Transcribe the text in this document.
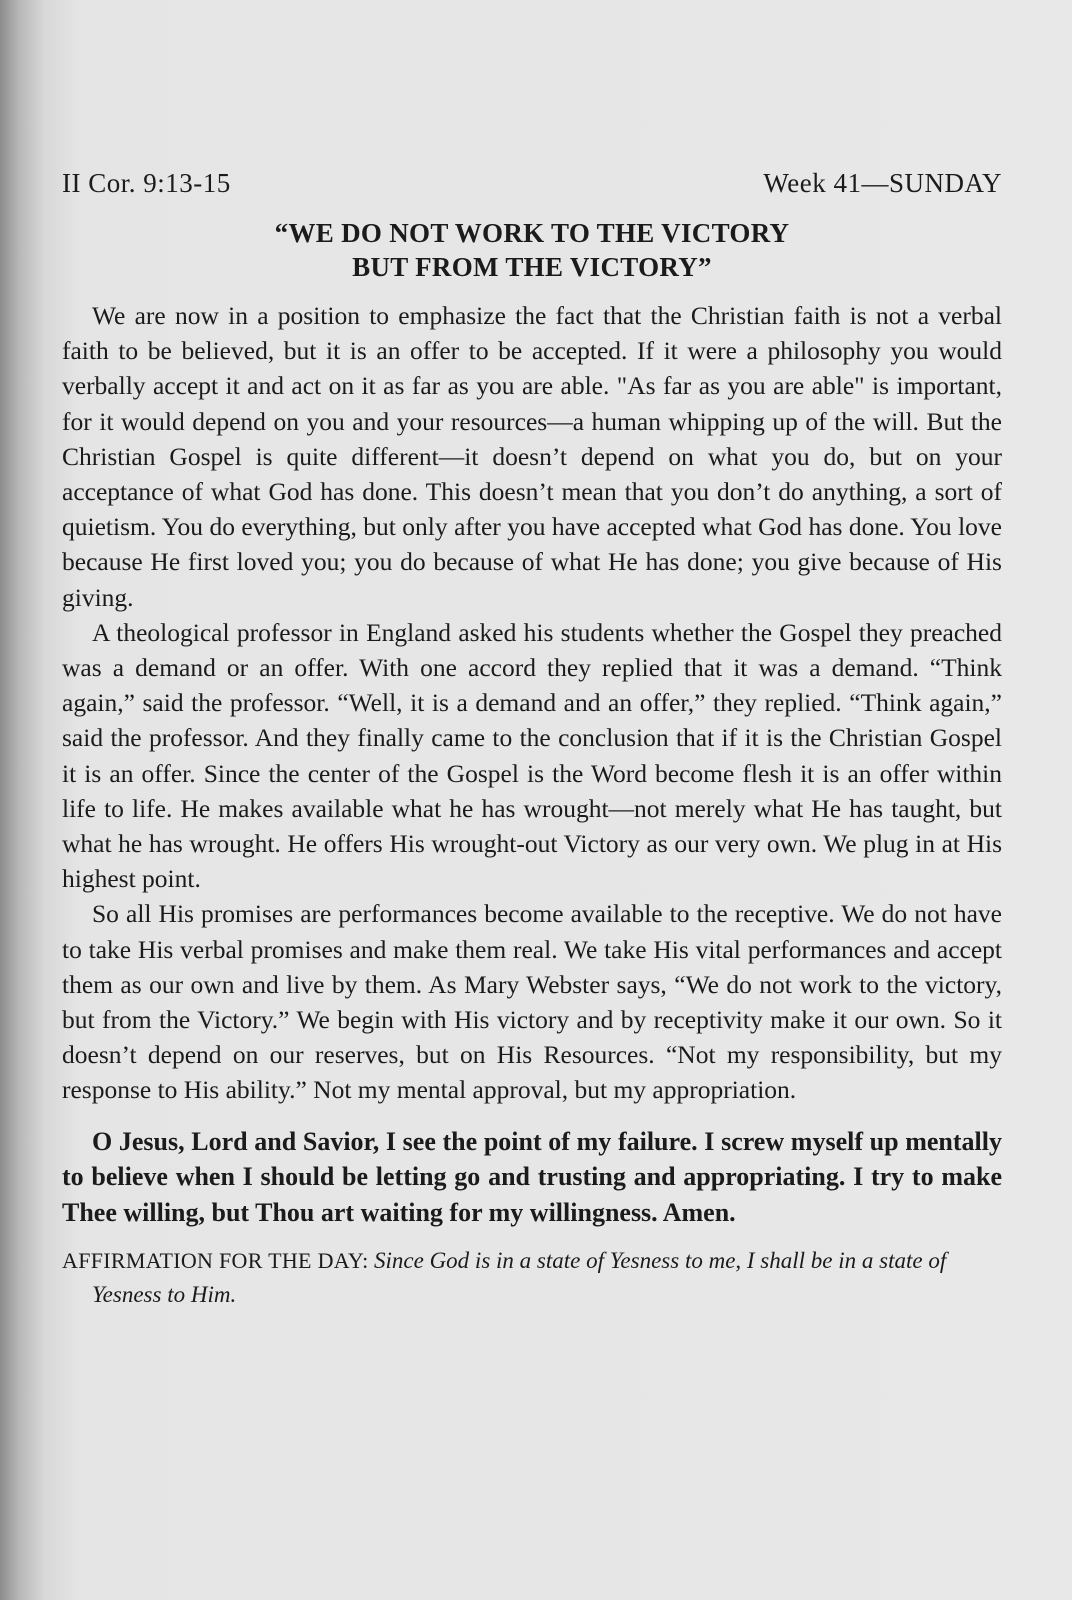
II Cor. 9:13-15	Week 41—SUNDAY
“WE DO NOT WORK TO THE VICTORY
BUT FROM THE VICTORY”

We are now in a position to emphasize the fact that the Christian faith is not a verbal faith to be believed, but it is an offer to be accepted. If it were a philosophy you would verbally accept it and act on it as far as you are able. "As far as you are able" is important, for it would depend on you and your resources—a human whipping up of the will. But the Christian Gospel is quite different—it doesn’t depend on what you do, but on your acceptance of what God has done. This doesn’t mean that you don’t do anything, a sort of quietism. You do everything, but only after you have accepted what God has done. You love because He first loved you; you do because of what He has done; you give because of His giving.

A theological professor in England asked his students whether the Gospel they preached was a demand or an offer. With one accord they replied that it was a demand. “Think again,” said the professor. “Well, it is a demand and an offer,” they replied. “Think again,” said the professor. And they finally came to the conclusion that if it is the Christian Gospel it is an offer. Since the center of the Gospel is the Word become flesh it is an offer within life to life. He makes available what he has wrought—not merely what He has taught, but what he has wrought. He offers His wrought-out Victory as our very own. We plug in at His highest point.

So all His promises are performances become available to the receptive. We do not have to take His verbal promises and make them real. We take His vital performances and accept them as our own and live by them. As Mary Webster says, “We do not work to the victory, but from the Victory.” We begin with His victory and by receptivity make it our own. So it doesn’t depend on our reserves, but on His Resources. “Not my responsibility, but my response to His ability.” Not my mental approval, but my appropriation.

O Jesus, Lord and Savior, I see the point of my failure. I screw myself up mentally to believe when I should be letting go and trusting and appropriating. I try to make Thee willing, but Thou art waiting for my willingness. Amen.

AFFIRMATION FOR THE DAY: Since God is in a state of Yesness to me, I shall be in a state of Yesness to Him.
